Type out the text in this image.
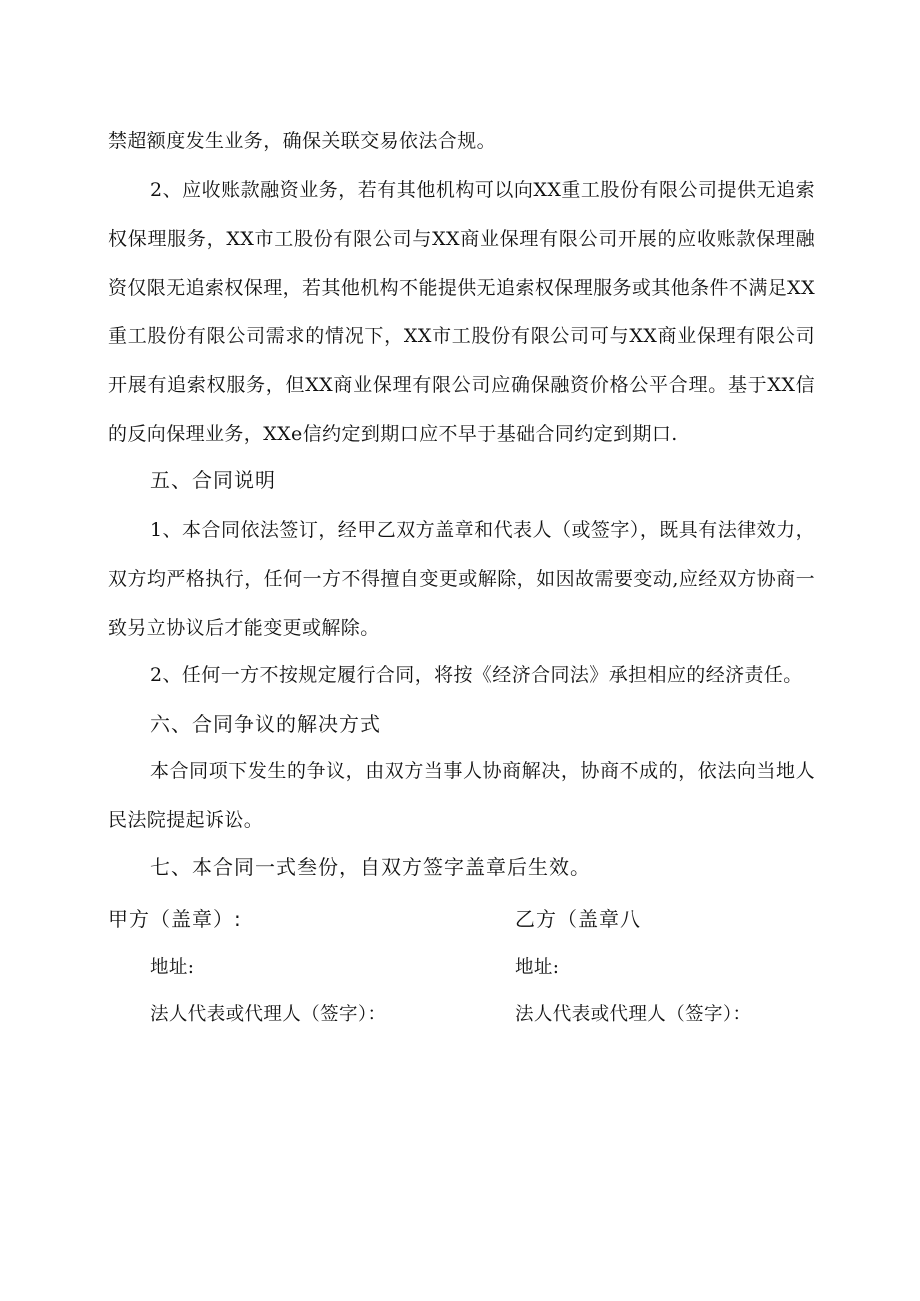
禁超额度发生业务，确保关联交易依法合规。

2、应收账款融资业务，若有其他机构可以向XX重工股份有限公司提供无追索权保理服务，XX市工股份有限公司与XX商业保理有限公司开展的应收账款保理融资仅限无追索权保理，若其他机构不能提供无追索权保理服务或其他条件不满足XX重工股份有限公司需求的情况下，XX市工股份有限公司可与XX商业保理有限公司开展有追索权服务，但XX商业保理有限公司应确保融资价格公平合理。基于XX信的反向保理业务，XXe信约定到期口应不早于基础合同约定到期口.

五、合同说明

1、本合同依法签订，经甲乙双方盖章和代表人（或签字），既具有法律效力，双方均严格执行，任何一方不得擅自变更或解除，如因故需要变动,应经双方协商一致另立协议后才能变更或解除。

2、任何一方不按规定履行合同，将按《经济合同法》承担相应的经济责任。

六、合同争议的解决方式

本合同项下发生的争议，由双方当事人协商解决，协商不成的，依法向当地人民法院提起诉讼。

七、本合同一式叁份，自双方签字盖章后生效。

甲方（盖章）:	乙方（盖章八

地址:	地址:

法人代表或代理人（签字）：	法人代表或代理人（签字）：
